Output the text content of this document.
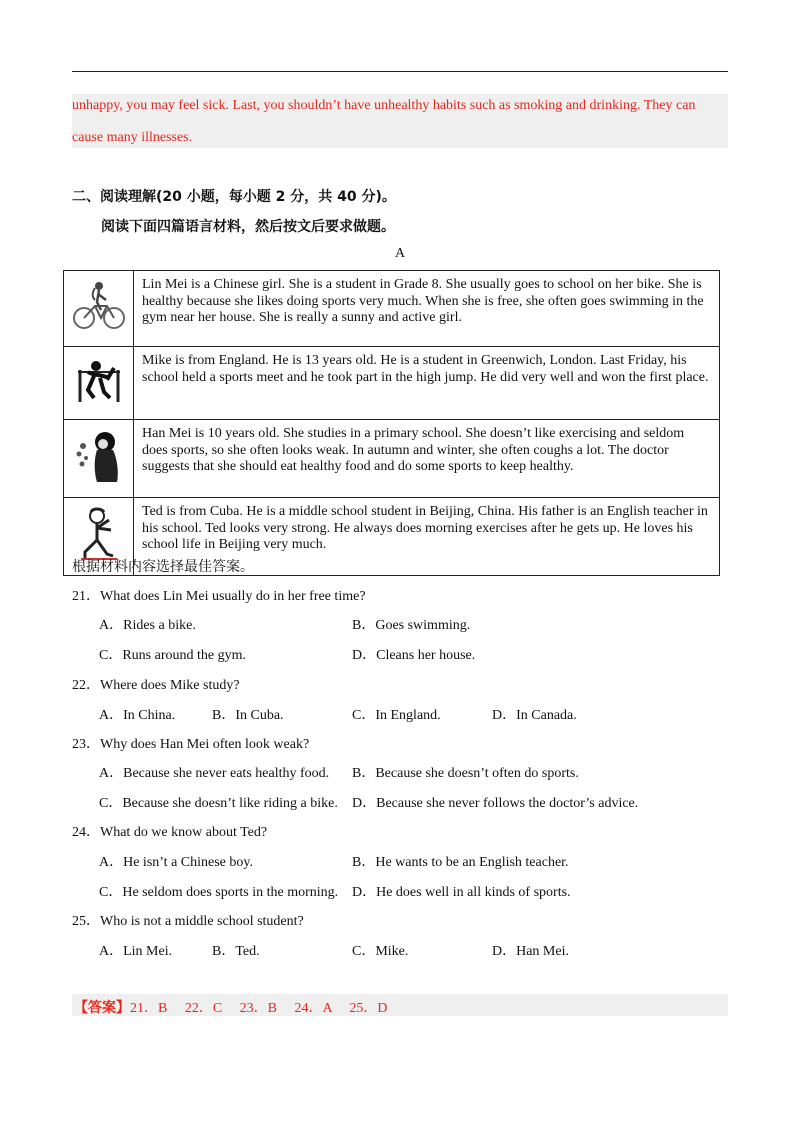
unhappy, you may feel sick. Last, you shouldn’t have unhealthy habits such as smoking and drinking. They can
cause many illnesses.
二、阅读理解(20 小题，每小题 2 分，共 40 分)。
阅读下面四篇语言材料，然后按文后要求做题。
A
	Lin Mei is a Chinese girl. She is a student in Grade 8. She usually goes to school on her bike. She is healthy because she likes doing sports very much. When she is free, she often goes swimming in the gym near her house. She is really a sunny and active girl.
	Mike is from England. He is 13 years old. He is a student in Greenwich, London. Last Friday, his school held a sports meet and he took part in the high jump. He did very well and won the first place.
	Han Mei is 10 years old. She studies in a primary school. She doesn’t like exercising and seldom does sports, so she often looks weak. In autumn and winter, she often coughs a lot. The doctor suggests that she should eat healthy food and do some sports to keep healthy.
	Ted is from Cuba. He is a middle school student in Beijing, China. His father is an English teacher in his school. Ted looks very strong. He always does morning exercises after he gets up. He loves his school life in Beijing very much.
根据材料内容选择最佳答案。
21．What does Lin Mei usually do in her free time?
A．Rides a bike.	B．Goes swimming.
C．Runs around the gym.	D．Cleans her house.
22．Where does Mike study?
A．In China.	B．In Cuba.	C．In England.	D．In Canada.
23．Why does Han Mei often look weak?
A．Because she never eats healthy food. B．Because she doesn’t often do sports.
C．Because she doesn’t like riding a bike. D．Because she never follows the doctor’s advice.
24．What do we know about Ted?
A．He isn’t a Chinese boy.	B．He wants to be an English teacher.
C．He seldom does sports in the morning. D．He does well in all kinds of sports.
25．Who is not a middle school student?
A．Lin Mei.	B．Ted.	C．Mike.	D．Han Mei.
【答案】21．B 22．C 23．B 24．A 25．D
